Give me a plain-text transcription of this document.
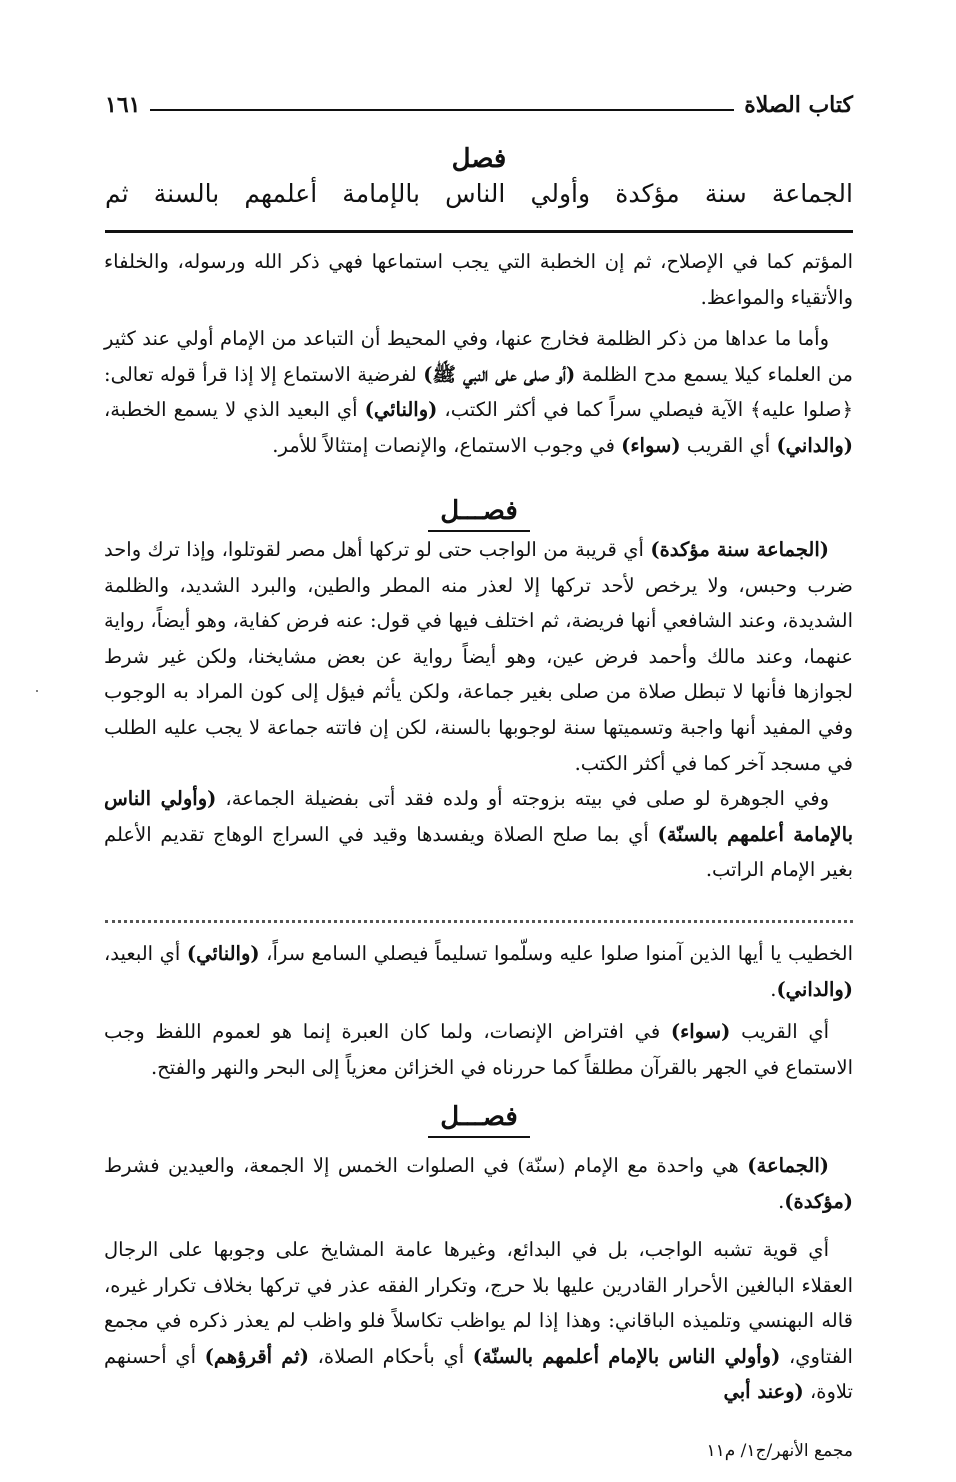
كتاب الصلاة
١٦١
فصل
الجماعة سنة مؤكدة وأولي الناس بالإمامة أعلمهم بالسنة ثم

المؤتم كما في الإصلاح، ثم إن الخطبة التي يجب استماعها فهي ذكر الله ورسوله، والخلفاء والأتقياء والمواعظ.

وأما ما عداها من ذكر الظلمة فخارج عنها، وفي المحيط أن التباعد من الإمام أولي عند كثير من العلماء كيلا يسمع مدح الظلمة (أو صلى على النبي ﷺ) لفرضية الاستماع إلا إذا قرأ قوله تعالى: ﴿صلوا عليه﴾ الآية فيصلي سراً كما في أكثر الكتب، (والنائي) أي البعيد الذي لا يسمع الخطبة، (والداني) أي القريب (سواء) في وجوب الاستماع، والإنصات إمتثالاً للأمر.

فصـــل

(الجماعة سنة مؤكدة) أي قريبة من الواجب حتى لو تركها أهل مصر لقوتلوا، وإذا ترك واحد ضرب وحبس، ولا يرخص لأحد تركها إلا لعذر منه المطر والطين، والبرد الشديد، والظلمة الشديدة، وعند الشافعي أنها فريضة، ثم اختلف فيها في قول: عنه فرض كفاية، وهو أيضاً، رواية عنهما، وعند مالك وأحمد فرض عين، وهو أيضاً رواية عن بعض مشايخنا، ولكن غير شرط لجوازها فأنها لا تبطل صلاة من صلى بغير جماعة، ولكن يأثم فيؤل إلى كون المراد به الوجوب وفي المفيد أنها واجبة وتسميتها سنة لوجوبها بالسنة، لكن إن فاتته جماعة لا يجب عليه الطلب في مسجد آخر كما في أكثر الكتب.

وفي الجوهرة لو صلى في بيته بزوجته أو ولده فقد أتى بفضيلة الجماعة، (وأولي الناس بالإمامة أعلمهم بالسنّة) أي بما صلح الصلاة ويفسدها وقيد في السراج الوهاج تقديم الأعلم بغير الإمام الراتب.

الخطيب يا أيها الذين آمنوا صلوا عليه وسلّموا تسليماً فيصلي السامع سراً، (والنائي) أي البعيد، (والداني).

أي القريب (سواء) في افتراض الإنصات، ولما كان العبرة إنما هو لعموم اللفظ وجب الاستماع في الجهر بالقرآن مطلقاً كما حررناه في الخزائن معزياً إلى البحر والنهر والفتح.

فصـــل

(الجماعة) هي واحدة مع الإمام (سنّة) في الصلوات الخمس إلا الجمعة، والعيدين فشرط (مؤكدة).

أي قوية تشبه الواجب، بل في البدائع، وغيرها عامة المشايخ على وجوبها على الرجال العقلاء البالغين الأحرار القادرين عليها بلا حرج، وتكرار الفقه عذر في تركها بخلاف تكرار غيره، قاله البهنسي وتلميذه الباقاني: وهذا إذا لم يواظب تكاسلاً فلو واظب لم يعذر ذكره في مجمع الفتاوي، (وأولي الناس بالإمام أعلمهم بالسنّة) أي بأحكام الصلاة، (ثم أقرؤهم) أي أحسنهم تلاوة، (وعند أبي

مجمع الأنهر/ج١/ م١١
